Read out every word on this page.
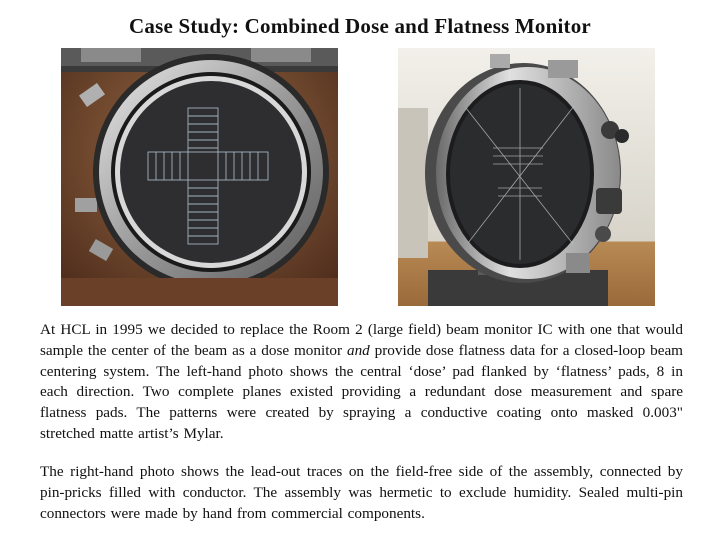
Case Study: Combined Dose and Flatness Monitor

At HCL in 1995 we decided to replace the Room 2 (large field) beam monitor IC with one that would sample the center of the beam as a dose monitor and provide dose flatness data for a closed-loop beam centering system. The left-hand photo shows the central ‘dose’ pad flanked by ‘flatness’ pads, 8 in each direction. Two complete planes existed providing a redundant dose measurement and spare flatness pads. The patterns were created by spraying a conductive coating onto masked 0.003" stretched matte artist’s Mylar.

The right-hand photo shows the lead-out traces on the field-free side of the assembly, connected by pin-pricks filled with conductor. The assembly was hermetic to exclude humidity. Sealed multi-pin connectors were made by hand from commercial components.
